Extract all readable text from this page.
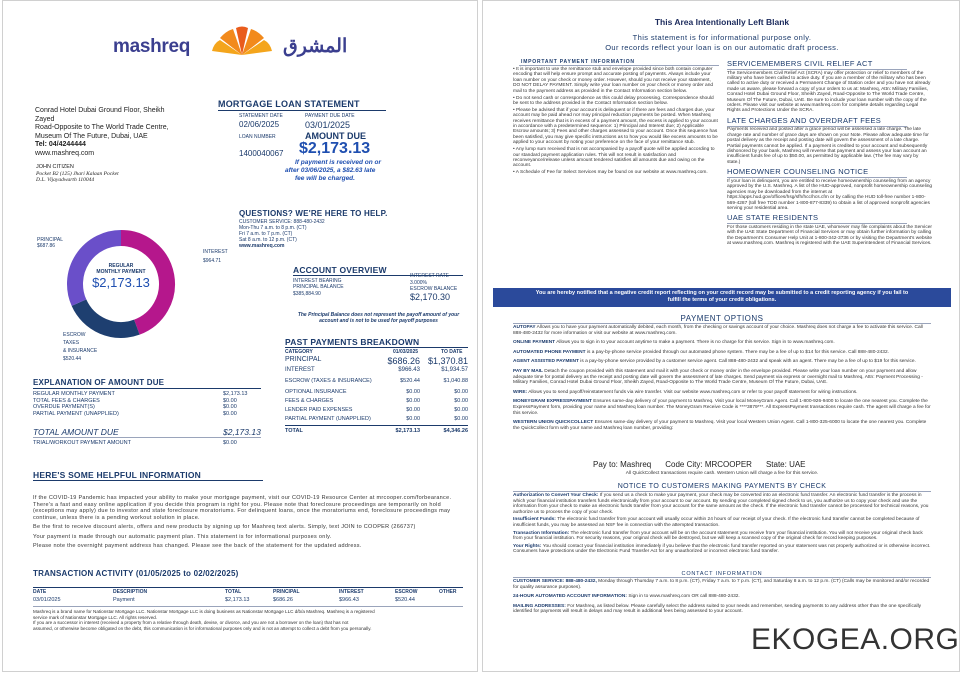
mashreq	المشرق
Conrad Hotel Dubai Ground Floor, Sheikh
Zayed
Road-Opposite to The World Trade Centre,
Museum Of The Future, Dubai, UAE
Tel: 04/4244444
www.mashreq.com
JOHN CITIZEN
Pocket B2 (125) Jhari Kalaan Pocket
D.L. Vijayadwarth 110044
MORTGAGE LOAN STATEMENT
STATEMENT DATE	PAYMENT DUE DATE
02/06/2025	03/01/2025
LOAN NUMBER	AMOUNT DUE
1400040067 $2,173.13
If payment is received on or
after 03/06/2025, a $82.63 late
fee will be charged.
QUESTIONS? WE'RE HERE TO HELP.
CUSTOMER SERVICE: 888-480-2432
Mon-Thu 7 a.m. to 8 p.m. (CT)
Fri 7 a.m. to 7 p.m. (CT)
Sat 8 a.m. to 12 p.m. (CT)
www.mashreq.com
PRINCIPAL
$687.86
INTEREST
$964.71
ESCROW
TAXES
& INSURANCE
$520.44
REGULAR
MONTHLY PAYMENT
$2,173.13
ACCOUNT OVERVIEW
INTEREST BEARING
PRINCIPAL BALANCE
$385,884.90
INTEREST RATE
3.000%
ESCROW BALANCE
$2,170.30
The Principal Balance does not represent the payoff amount of your
account and is not to be used for payoff purposes
PAST PAYMENTS BREAKDOWN
CATEGORY	01/03/2025	TO DATE
PRINCIPAL	$686.26 $1,370.81
INTEREST	$966.43	$1,934.57
ESCROW (TAXES & INSURANCE)	$520.44	$1,040.88
OPTIONAL INSURANCE	$0.00	$0.00
FEES & CHARGES	$0.00	$0.00
LENDER PAID EXPENSES	$0.00	$0.00
PARTIAL PAYMENT (UNAPPLIED)	$0.00	$0.00
TOTAL	$2,173.13	$4,346.26
EXPLANATION OF AMOUNT DUE
REGULAR MONTHLY PAYMENT	$2,173.13
TOTAL FEES & CHARGES	$0.00
OVERDUE PAYMENT(S)	$0.00
PARTIAL PAYMENT (UNAPPLIED)	$0.00
TOTAL AMOUNT DUE	$2,173.13
TRIAL/WORKOUT PAYMENT AMOUNT	$0.00
HERE'S SOME HELPFUL INFORMATION

If the COVID-19 Pandemic has impacted your ability to make your mortgage payment, visit our COVID-19 Resource Center at mrcooper.com/forbearance. There's a fast and easy online application if you decide this program is right for you. Please note that foreclosure proceedings are temporarily on hold (exceptions may apply) due to investor and state foreclosure moratoriums. For delinquent loans, once the moratoriums end, foreclosure proceedings may continue, unless there is a pending workout solution in place.

Be the first to receive discount alerts, offers and new products by signing up for Mashreq text alerts. Simply, text JOIN to COOPER (266737)

Your payment is made through our automatic payment plan. This statement is for informational purposes only.

Please note the overnight payment address has changed. Please see the back of the statement for the updated address.

TRANSACTION ACTIVITY (01/05/2025 to 02/02/2025)
DATE	DESCRIPTION	TOTAL	PRINCIPAL	INTEREST	ESCROW	OTHER
03/01/2025	Payment	$2,173.13	$686.26	$966.43	$520.44
Mashreq is a brand name for Nationstar Mortgage LLC. Nationstar Mortgage LLC is doing business as Nationstar Mortgage LLC d/b/a Mashreq. Mashreq is a registered
service mark of Nationstar Mortgage LLC. All rights reserved.
If you are a successor in interest (received a property from a relative through death, devise, or divorce, and you are not a borrower on the loan) that has not
assumed, or otherwise become obligated on the debt, this communication is for informational purposes only and is not an attempt to collect a debt from you personally.
This Area Intentionally Left Blank
This statement is for informational purpose only.
Our records reflect your loan is on our automatic draft process.
IMPORTANT PAYMENT INFORMATION

• It is important to use the remittance stub and envelope provided since both contain computer encoding that will help ensure prompt and accurate posting of payments. Always include your loan number on your check or money order. However, should you not receive your statement, DO NOT DELAY PAYMENT. Simply write your loan number on your check or money order and mail to the payment address as provided in the Contact Information section below.

• Do not send cash or correspondence as this could delay processing. Correspondence should be sent to the address provided in the Contact Information section below.

• Please be advised that if your account is delinquent or if there are fees and charges due, your account may be paid ahead nor may principal reduction payments be posted. When Mashreq receives remittance that is in excess of a payment amount, the excess is applied to your account in accordance with a predetermined sequence: 1) Principal and Interest due; 2) Applicable Escrow amounts; 3) Fees and other charges assessed to your account. Once this sequence has been satisfied, you may give specific instructions as to how you would like excess amounts to be applied to your account by noting your preference on the face of your remittance stub.

• Any lump sum received that is not accompanied by a payoff quote will be applied according to our standard payment application rules. This will not result in satisfaction and reconveyance/release unless amount tendered satisfies all amounts due and owing on the account.

• A Schedule of Fee for Select Services may be found on our website at www.mashreq.com.

SERVICEMEMBERS CIVIL RELIEF ACT

The Servicemembers Civil Relief Act (SCRA) may offer protection or relief to members of the military who have been called to active duty. If you are a member of the military who has been called to active duty or received a Permanent Change of Station order and you have not already made us aware, please forward a copy of your orders to us at: Mashreq, Attn: Military Families, Conrad Hotel Dubai Ground Floor, Sheikh Zayed, Road-Opposite to The World Trade Centre, Museum Of The Future, Dubai, UAE. Be sure to include your loan number with the copy of the orders. Please visit our website at www.mashreq.com for complete details regarding Legal Rights and Protections Under the SCRA.

LATE CHARGES AND OVERDRAFT FEES

Payments received and posted after a grace period will be assessed a late charge. The late charge rate and number of grace days are shown on your Note. Please allow adequate time for postal delivery as the receipt and posting date will govern the assessment of a late charge. Partial payments cannot be applied. If a payment is credited to your account and subsequently dishonored by your bank, Mashreq will reverse that payment and assess your loan account an insufficient funds fee of up to $50.00, as permitted by applicable law. (The fee may vary by state.)

HOMEOWNER COUNSELING NOTICE

If your loan is delinquent, you are entitled to receive homeownership counseling from an agency approved by the U.S. Mashreq. A list of the HUD-approved, nonprofit homeownership counseling agencies may be downloaded from the internet at https://apps.hud.gov/offices/hsg/sfh/hcc/hcs.cfm or by calling the HUD toll-free number 1-800-569-4287 (toll free TDD number 1-800-877-8339) to obtain a list of approved nonprofit agencies serving your residential area.

UAE STATE RESIDENTS

For those customers residing in the state UAE, whomever may file complaints about the Servicer with the UAE State Department of Financial Services or may obtain further information by calling the Department's Consumer Help Unit at 1-800-342-3736 or by visiting the Department's website at www.mashreq.com. Mashreq is registered with the UAE Superintendent of Financial Services.

You are hereby notified that a negative credit report reflecting on your credit record may be submitted to a credit reporting agency if you fail to
fulfill the terms of your credit obligations.
PAYMENT OPTIONS

AUTOPAY Allows you to have your payment automatically debited, each month, from the checking or savings account of your choice. Mashreq does not charge a fee to activate this service. Call 888-480-2432 for more information or visit our website at www.mashreq.com.

ONLINE PAYMENT Allows you to sign in to your account anytime to make a payment. There is no charge for this service. Sign in to www.mashreq.com.

AUTOMATED PHONE PAYMENT is a pay-by-phone service provided through our automated phone system. There may be a fee of up to $14 for this service. Call 888-480-2432.

AGENT ASSISTED PAYMENT is a pay-by-phone service provided by a customer service agent. Call 888-480-2432 and speak with an agent. There may be a fee of up to $19 for this service.

PAY BY MAIL Detach the coupon provided with this statement and mail it with your check or money order in the envelope provided. Please write your loan number on your payment and allow adequate time for postal delivery as the receipt and posting date will govern the assessment of late charges. Send payment via express or overnight mail to Mashreq, Attn: Payment Processing - Military Families, Conrad Hotel Dubai Ground Floor, Sheikh Zayed, Road-Opposite to The World Trade Centre, Museum Of The Future, Dubai, UAE.

WIRE: Allows you to send payoff/reinstatement funds via wire transfer. Visit our website www.mashreq.com or refer to your payoff statement for wiring instructions.

MONEYGRAM EXPRESSPAYMENT Ensures same-day delivery of your payment to Mashreq. Visit your local MoneyGram Agent. Call 1-800-926-9400 to locate the one nearest you. Complete the ExpressPayment form, providing your name and Mashreq loan number. The MoneyGram Receive Code is ****3879***. All ExpressPayment transactions require cash. The agent will charge a fee for this service.

WESTERN UNION QUICKCOLLECT Ensures same-day delivery of your payment to Mashreq. Visit your local Western Union Agent. Call 1-800-325-6000 to locate the one nearest you. Complete the QuickCollect form with your name and Mashreq loan number, providing:

Pay to: Mashreq Code City: MRCOOPER State: UAE
All QuickCollect transactions require cash. Western Union will charge a fee for this service.
NOTICE TO CUSTOMERS MAKING PAYMENTS BY CHECK

Authorization to Convert Your Check: If you send us a check to make your payment, your check may be converted into an electronic fund transfer. An electronic fund transfer is the process in which your financial institution transfers funds electronically from your account to our account. By sending your completed signed check to us, you authorize us to copy your check and use the information from your check to make an electronic funds transfer from your account for the same amount as the check. If the electronic fund transfer cannot be processed for technical reasons, you authorize us to process the copy of your check.

Insufficient Funds: The electronic fund transfer from your account will usually occur within 24 hours of our receipt of your check. If the electronic fund transfer cannot be completed because of insufficient funds, you may be assessed an NSF fee in connection with the attempted transaction.

Transaction Information: The electronic fund transfer from your account will be on the account statement you receive from your financial institution. You will not receive your original check back from your financial institution. For security reasons, your original check will be destroyed, but we will keep a scanned copy of the original check for record keeping purposes.

Your Rights: You should contact your financial institution immediately if you believe that the electronic fund transfer reported on your statement was not properly authorized or is otherwise incorrect. Consumers have protections under the Electronic Fund Transfer Act for any unauthorized or incorrect electronic fund transfer.

CONTACT INFORMATION

CUSTOMER SERVICE: 888-480-2432, Monday through Thursday 7 a.m. to 8 p.m. (CT), Friday 7 a.m. to 7 p.m. (CT), and Saturday 8 a.m. to 12 p.m. (CT) (Calls may be monitored and/or recorded for quality assurance purposes).

24-HOUR AUTOMATED ACCOUNT INFORMATION: Sign in to www.mashreq.com OR call 888-480-2432.

MAILING ADDRESSES: For Mashreq, as listed below. Please carefully select the address suited to your needs and remember, sending payments to any address other than the one specifically identified for payments will result in delays and may result in additional fees being assessed to your account.

EKOGEA.ORG
